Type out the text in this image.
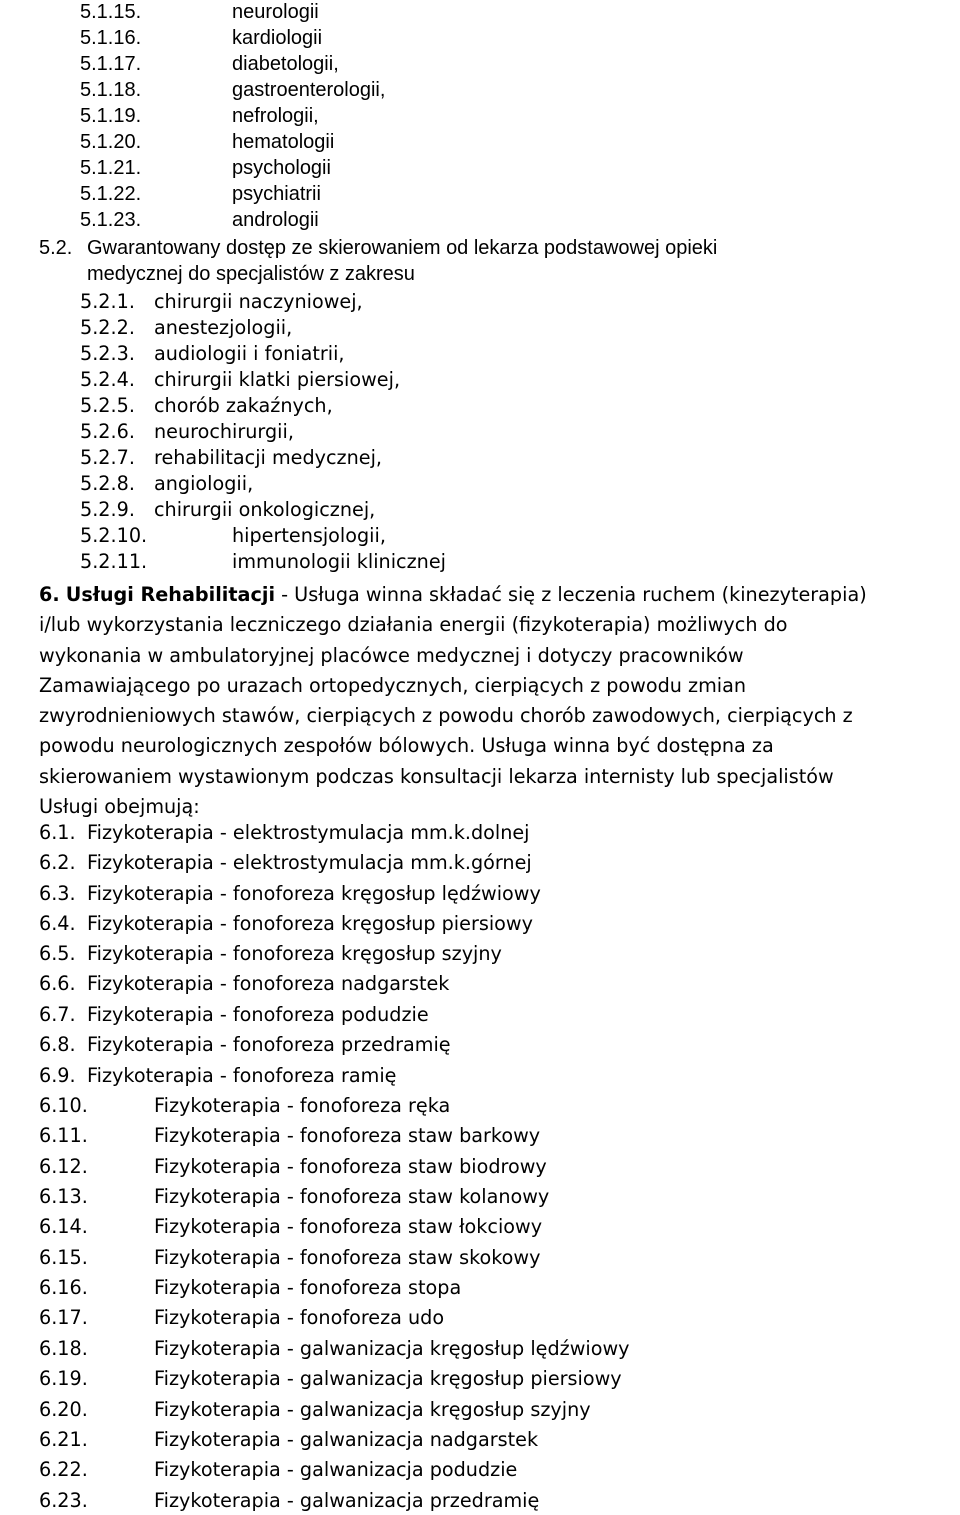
5.1.15.	neurologii
5.1.16.	kardiologii
5.1.17.	diabetologii,
5.1.18.	gastroenterologii,
5.1.19.	nefrologii,
5.1.20.	hematologii
5.1.21.	psychologii
5.1.22.	psychiatrii
5.1.23.	andrologii
5.2. Gwarantowany dostęp ze skierowaniem od lekarza podstawowej opieki
medycznej do specjalistów z zakresu
5.2.1. chirurgii naczyniowej,
5.2.2. anestezjologii,
5.2.3. audiologii i foniatrii,
5.2.4. chirurgii klatki piersiowej,
5.2.5. chorób zakaźnych,
5.2.6. neurochirurgii,
5.2.7. rehabilitacji medycznej,
5.2.8. angiologii,
5.2.9. chirurgii onkologicznej,
5.2.10.	hipertensjologii,
5.2.11.	immunologii klinicznej

6. Usługi Rehabilitacji - Usługa winna składać się z leczenia ruchem (kinezyterapia)

i/lub wykorzystania leczniczego działania energii (fizykoterapia) możliwych do

wykonania w ambulatoryjnej placówce medycznej i dotyczy pracowników

Zamawiającego po urazach ortopedycznych, cierpiących z powodu zmian

zwyrodnieniowych stawów, cierpiących z powodu chorób zawodowych, cierpiących z

powodu neurologicznych zespołów bólowych. Usługa winna być dostępna za

skierowaniem wystawionym podczas konsultacji lekarza internisty lub specjalistów

Usługi obejmują:

6.1. Fizykoterapia - elektrostymulacja mm.k.dolnej
6.2. Fizykoterapia - elektrostymulacja mm.k.górnej
6.3. Fizykoterapia - fonoforeza kręgosłup lędźwiowy
6.4. Fizykoterapia - fonoforeza kręgosłup piersiowy
6.5. Fizykoterapia - fonoforeza kręgosłup szyjny
6.6. Fizykoterapia - fonoforeza nadgarstek
6.7. Fizykoterapia - fonoforeza podudzie
6.8. Fizykoterapia - fonoforeza przedramię
6.9. Fizykoterapia - fonoforeza ramię
6.10.	Fizykoterapia - fonoforeza ręka
6.11.	Fizykoterapia - fonoforeza staw barkowy
6.12.	Fizykoterapia - fonoforeza staw biodrowy
6.13.	Fizykoterapia - fonoforeza staw kolanowy
6.14.	Fizykoterapia - fonoforeza staw łokciowy
6.15.	Fizykoterapia - fonoforeza staw skokowy
6.16.	Fizykoterapia - fonoforeza stopa
6.17.	Fizykoterapia - fonoforeza udo
6.18.	Fizykoterapia - galwanizacja kręgosłup lędźwiowy
6.19.	Fizykoterapia - galwanizacja kręgosłup piersiowy
6.20.	Fizykoterapia - galwanizacja kręgosłup szyjny
6.21.	Fizykoterapia - galwanizacja nadgarstek
6.22.	Fizykoterapia - galwanizacja podudzie
6.23.	Fizykoterapia - galwanizacja przedramię
